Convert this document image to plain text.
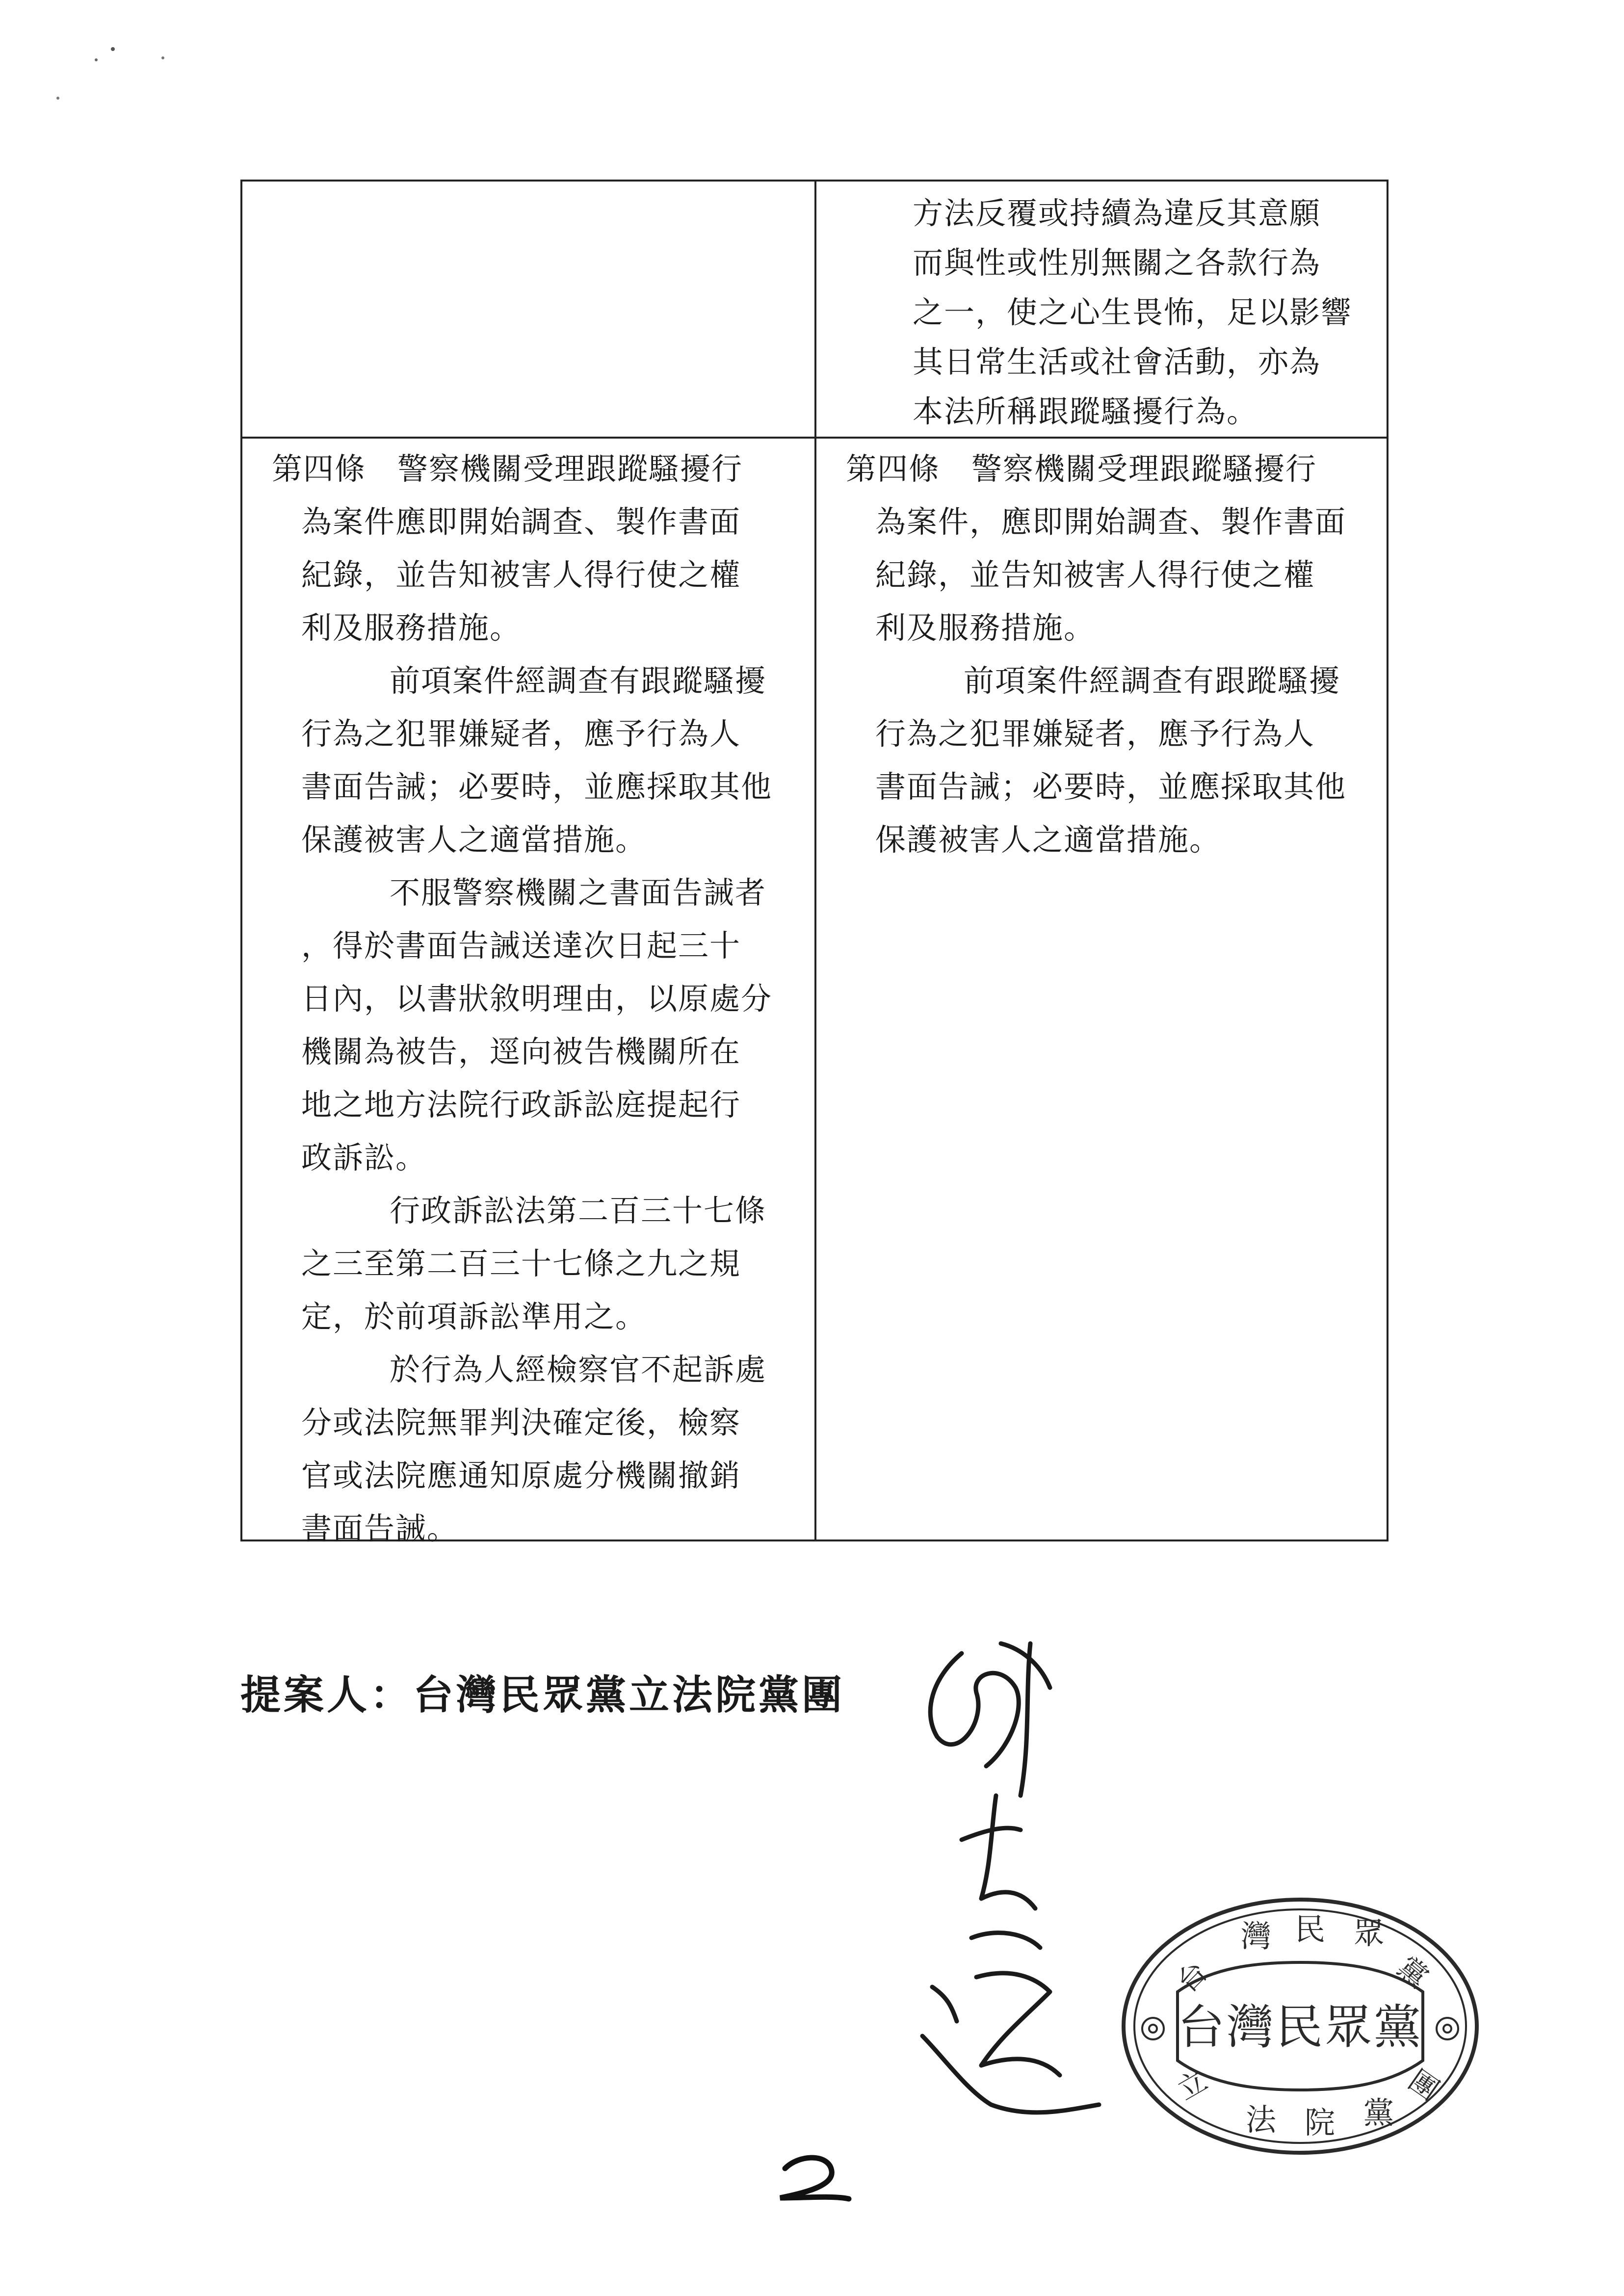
方法反覆或持續為違反其意願

而與性或性別無關之各款行為

之一，使之心生畏怖，足以影響

其日常生活或社會活動，亦為

本法所稱跟蹤騷擾行為。

第四條　警察機關受理跟蹤騷擾行

為案件應即開始調查、製作書面

紀錄，並告知被害人得行使之權

利及服務措施。

前項案件經調查有跟蹤騷擾

行為之犯罪嫌疑者，應予行為人

書面告誡；必要時，並應採取其他

保護被害人之適當措施。

不服警察機關之書面告誡者

，得於書面告誡送達次日起三十

日內，以書狀敘明理由，以原處分

機關為被告，逕向被告機關所在

地之地方法院行政訴訟庭提起行

政訴訟。

行政訴訟法第二百三十七條

之三至第二百三十七條之九之規

定，於前項訴訟準用之。

於行為人經檢察官不起訴處

分或法院無罪判決確定後，檢察

官或法院應通知原處分機關撤銷

書面告誡。

第四條　警察機關受理跟蹤騷擾行

為案件，應即開始調查、製作書面

紀錄，並告知被害人得行使之權

利及服務措施。

前項案件經調查有跟蹤騷擾

行為之犯罪嫌疑者，應予行為人

書面告誡；必要時，並應採取其他

保護被害人之適當措施。

提案人：台灣民眾黨立法院黨團
台灣民眾黨
灣 民 眾
台	黨
立
法 院 黨
團
